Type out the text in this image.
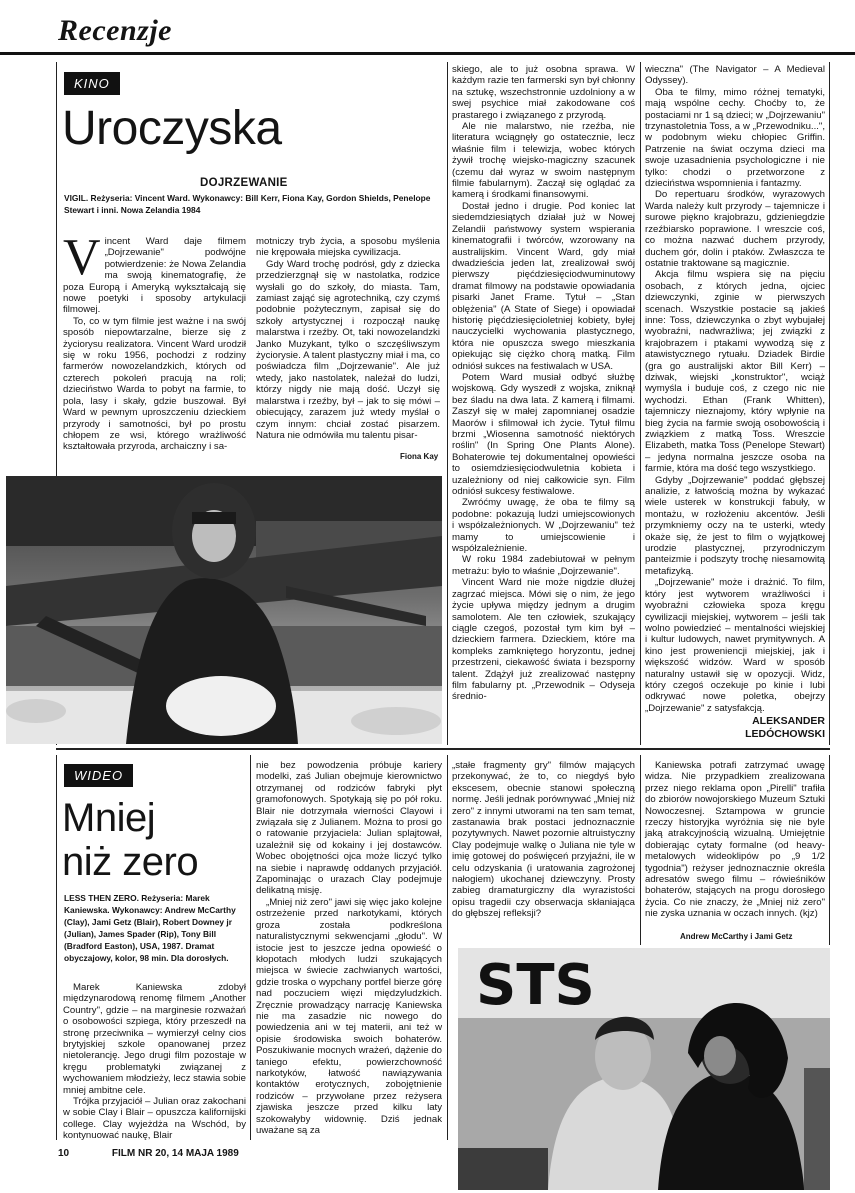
Recenzje
KINO
Uroczyska
DOJRZEWANIE
VIGIL. Reżyseria: Vincent Ward. Wykonawcy: Bill Kerr, Fiona Kay, Gordon Shields, Penelope Stewart i inni. Nowa Zelandia 1984
V incent Ward daje filmem „Dojrzewanie" podwójne potwierdzenie: że Nowa Zelandia ma swoją kinematografię, że poza Europą i Ameryką wykształcają się nowe poetyki i sposoby artykulacji filmowej.

To, co w tym filmie jest ważne i na swój sposób niepowtarzalne, bierze się z życiorysu realizatora. Vincent Ward urodził się w roku 1956, pochodzi z rodziny farmerów nowozelandzkich, których od czterech pokoleń pracują na roli; dzieciństwo Warda to pobyt na farmie, to pola, lasy i skały, gdzie buszował. Był Ward w pewnym uproszczeniu dzieckiem przyrody i samotności, był po prostu chłopem ze wsi, którego wrażliwość kształtowała przyroda, archaiczny i sa-

motniczy tryb życia, a sposobu myślenia nie krępowała miejska cywilizacja.

Gdy Ward trochę podrósł, gdy z dziecka przedzierzgnął się w nastolatka, rodzice wysłali go do szkoły, do miasta. Tam, zamiast zająć się agrotechniką, czy czymś podobnie pożytecznym, zapisał się do szkoły artystycznej i rozpoczął naukę malarstwa i rzeźby. Ot, taki nowozelandzki Janko Muzykant, tylko o szczęśliwszym życiorysie. A talent plastyczny miał i ma, co poświadcza film „Dojrzewanie". Ale już wtedy, jako nastolatek, należał do ludzi, którzy nigdy nie mają dość. Uczył się malarstwa i rzeźby, był – jak to się mówi – obiecujący, zarazem już wtedy myślał o czym innym: chciał zostać pisarzem. Natura nie odmówiła mu talentu pisar-

Fiona Kay

skiego, ale to już osobna sprawa. W każdym razie ten farmerski syn był chłonny na sztukę, wszechstronnie uzdolniony a w swej psychice miał zakodowane coś prastarego i związanego z przyrodą.

Ale nie malarstwo, nie rzeźba, nie literatura wciągnęły go ostatecznie, lecz właśnie film i telewizja, wobec których żywił trochę wiejsko-magiczny szacunek (czemu dał wyraz w swoim następnym filmie fabularnym). Zaczął się oglądać za kamerą i środkami finansowymi.

Dostał jedno i drugie. Pod koniec lat siedemdziesiątych działał już w Nowej Zelandii państwowy system wspierania kinematografii i twórców, wzorowany na australijskim. Vincent Ward, gdy miał dwadzieścia jeden lat, zrealizował swój pierwszy pięćdziesięciodwuminutowy dramat filmowy na podstawie opowiadania pisarki Janet Frame. Tytuł – „Stan oblężenia" (A State of Siege) i opowiadał historię pięćdziesięcioletniej kobiety, byłej nauczycielki wychowania plastycznego, która nie opuszcza swego mieszkania opiekując się ciężko chorą matką. Film odniósł sukces na festiwalach w USA.

Potem Ward musiał odbyć służbę wojskową. Gdy wyszedł z wojska, zniknął bez śladu na dwa lata. Z kamerą i filmami. Zaszył się w małej zapomnianej osadzie Maorów i sfilmował ich życie. Tytuł filmu brzmi „Wiosenna samotność niektórych roślin" (In Spring One Plants Alone). Bohaterowie tej dokumentalnej opowieści to osiemdziesięciodwuletnia kobieta i uzależniony od niej całkowicie syn. Film odniósł sukcesy festiwalowe.

Zwróćmy uwagę, że oba te filmy są podobne: pokazują ludzi umiejscowionych i współzależnionych. W „Dojrzewaniu" też mamy to umiejscowienie i współzależnienie.

W roku 1984 zadebiutował w pełnym metrażu: było to właśnie „Dojrzewanie".

Vincent Ward nie może nigdzie dłużej zagrzać miejsca. Mówi się o nim, że jego życie upływa między jednym a drugim samolotem. Ale ten człowiek, szukający ciągle czegoś, pozostał tym kim był – dzieckiem farmera. Dzieckiem, które ma kompleks zamkniętego horyzontu, jednej przestrzeni, ciekawość świata i bezsporny talent. Zdążył już zrealizować następny film fabularny pt. „Przewodnik – Odyseja średnio-

wieczna" (The Navigator – A Medieval Odyssey).

Oba te filmy, mimo różnej tematyki, mają wspólne cechy. Choćby to, że postaciami nr 1 są dzieci; w „Dojrzewaniu" trzynastoletnia Toss, a w „Przewodniku...", w podobnym wieku chłopiec Griffin. Patrzenie na świat oczyma dzieci ma swoje uzasadnienia psychologiczne i nie tylko: chodzi o przetworzone z dzieciństwa wspomnienia i fantazmy.

Do repertuaru środków, wyrazowych Warda należy kult przyrody – tajemnicze i surowe piękno krajobrazu, gdzieniegdzie rzeźbiarsko poprawione. I wreszcie coś, co można nazwać duchem przyrody, duchem gór, dolin i ptaków. Zwłaszcza te ostatnie traktowane są magicznie.

Akcja filmu wspiera się na pięciu osobach, z których jedna, ojciec dziewczynki, zginie w pierwszych scenach. Wszystkie postacie są jakieś inne: Toss, dziewczynka o zbyt wybujałej wyobraźni, nadwrażliwa; jej związki z krajobrazem i ptakami wywodzą się z atawistycznego rytuału. Dziadek Birdie (gra go australijski aktor Bill Kerr) – dziwak, wiejski „konstruktor", wciąż wymyśla i buduje coś, z czego nic nie wychodzi. Ethan (Frank Whitten), tajemniczy nieznajomy, który wpłynie na bieg życia na farmie swoją osobowością i związkiem z matką Toss. Wreszcie Elizabeth, matka Toss (Penelope Stewart) – jedyna normalna jeszcze osoba na farmie, która ma dość tego wszystkiego.

Gdyby „Dojrzewanie" poddać głębszej analizie, z łatwością można by wykazać wiele usterek w konstrukcji fabuły, w montażu, w rozłożeniu akcentów. Jeśli przymkniemy oczy na te usterki, wtedy okaże się, że jest to film o wyjątkowej urodzie plastycznej, przyrodniczym panteizmie i podszyty trochę niesamowitą metafizyką.

„Dojrzewanie" może i drażnić. To film, który jest wytworem wrażliwości i wyobraźni człowieka spoza kręgu cywilizacji miejskiej, wytworem – jeśli tak wolno powiedzieć – mentalności wiejskiej i kultur ludowych, nawet prymitywnych. A kino jest proweniencji miejskiej, jak i większość widzów. Ward w sposób naturalny ustawił się w opozycji. Widz, który czegoś oczekuje po kinie i lubi odkrywać nowe poletka, obejrzy „Dojrzewanie" z satysfakcją.

ALEKSANDER
LEDÓCHOWSKI
WIDEO
Mniej
niż zero
LESS THEN ZERO. Reżyseria: Marek Kaniewska. Wykonawcy: Andrew McCarthy (Clay), Jami Getz (Blair), Robert Downey jr (Julian), James Spader (Rip), Tony Bill (Bradford Easton), USA, 1987. Dramat obyczajowy, kolor, 98 min. Dla dorosłych.

Marek Kaniewska zdobył międzynarodową renomę filmem „Another Country", gdzie – na marginesie rozważań o osobowości szpiega, który przeszedł na stronę przeciwnika – wymierzył celny cios brytyjskiej szkole opanowanej przez nietolerancję. Jego drugi film pozostaje w kręgu problematyki związanej z wychowaniem młodzieży, lecz stawia sobie mniej ambitne cele.

Trójka przyjaciół – Julian oraz zakochani w sobie Clay i Blair – opuszcza kalifornijski college. Clay wyjeżdża na Wschód, by kontynuować naukę, Blair

nie bez powodzenia próbuje kariery modelki, zaś Julian obejmuje kierownictwo otrzymanej od rodziców fabryki płyt gramofonowych. Spotykają się po pół roku. Blair nie dotrzymała wierności Clayowi i związała się z Julianem. Można to prosi go o ratowanie przyjaciela: Julian splajtował, uzależnił się od kokainy i jej dostawców. Wobec obojętności ojca może liczyć tylko na siebie i naprawdę oddanych przyjaciół. Zapominając o urazach Clay podejmuje delikatną misję.

„Mniej niż zero" jawi się więc jako kolejne ostrzeżenie przed narkotykami, których groza została podkreślona naturalistycznymi sekwencjami „głodu". W istocie jest to jeszcze jedna opowieść o kłopotach młodych ludzi szukających miejsca w świecie zachwianych wartości, gdzie troska o wypchany portfel bierze górę nad poczuciem więzi międzyludzkich. Zręcznie prowadzący narrację Kaniewska nie ma zasadzie nic nowego do powiedzenia ani w tej materii, ani też w opisie środowiska swoich bohaterów. Poszukiwanie mocnych wrażeń, dążenie do taniego efektu, powierzchowność narkotyków, łatwość nawiązywania kontaktów erotycznych, zobojętnienie rodziców – przywołane przez reżysera zjawiska jeszcze przed kilku laty szokowałyby widownię. Dziś jednak uważane są za

„stałe fragmenty gry" filmów mających przekonywać, że to, co niegdyś było ekscesem, obecnie stanowi społeczną normę. Jeśli jednak porównywać „Mniej niż zero" z innymi utworami na ten sam temat, zastanawia brak postaci jednoznacznie pozytywnych. Nawet pozornie altruistyczny Clay podejmuje walkę o Juliana nie tyle w imię gotowej do poświęceń przyjaźni, ile w celu odzyskania (i uratowania zagrożonej nałogiem) ukochanej dziewczyny. Prosty zabieg dramaturgiczny dla wyrazistości opisu tragedii czy obserwacja skłaniająca do głębszej refleksji?

Kaniewska potrafi zatrzymać uwagę widza. Nie przypadkiem zrealizowana przez niego reklama opon „Pirelli" trafiła do zbiorów nowojorskiego Muzeum Sztuki Nowoczesnej. Sztampowa w gruncie rzeczy historyjka wyróżnia się nie byle jaką atrakcyjnością wizualną. Umiejętnie dobierając cytaty formalne (od heavy-metalowych wideoklipów po „9 1/2 tygodnia") reżyser jednoznacznie określa adresatów swego filmu – rówieśników bohaterów, stających na progu dorosłego życia. Co nie znaczy, że „Mniej niż zero" nie zyska uznania w oczach innych. (kjz)

Andrew McCarthy i Jami Getz
STS
10	FILM NR 20, 14 MAJA 1989
